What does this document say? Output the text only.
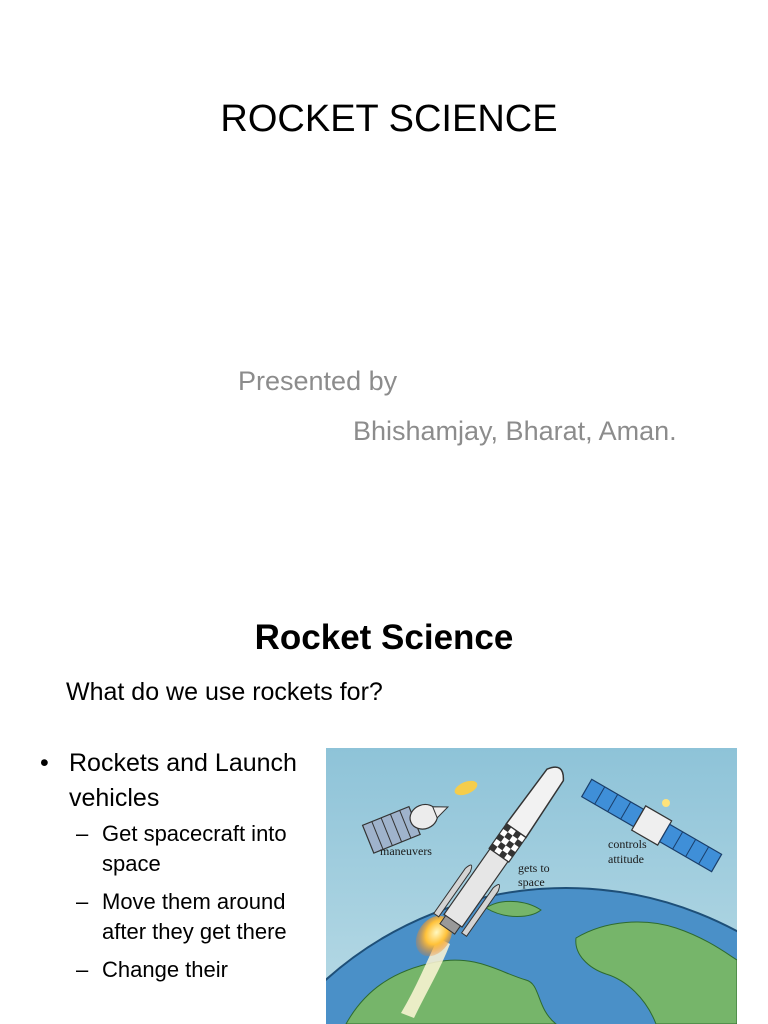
ROCKET SCIENCE
Presented by
Bhishamjay, Bharat, Aman.
Rocket Science
What do we use rockets for?
• Rockets and Launch vehicles
– Get spacecraft into space
– Move them around after they get there
– Change their
maneuvers
gets to
space
controls
attitude
